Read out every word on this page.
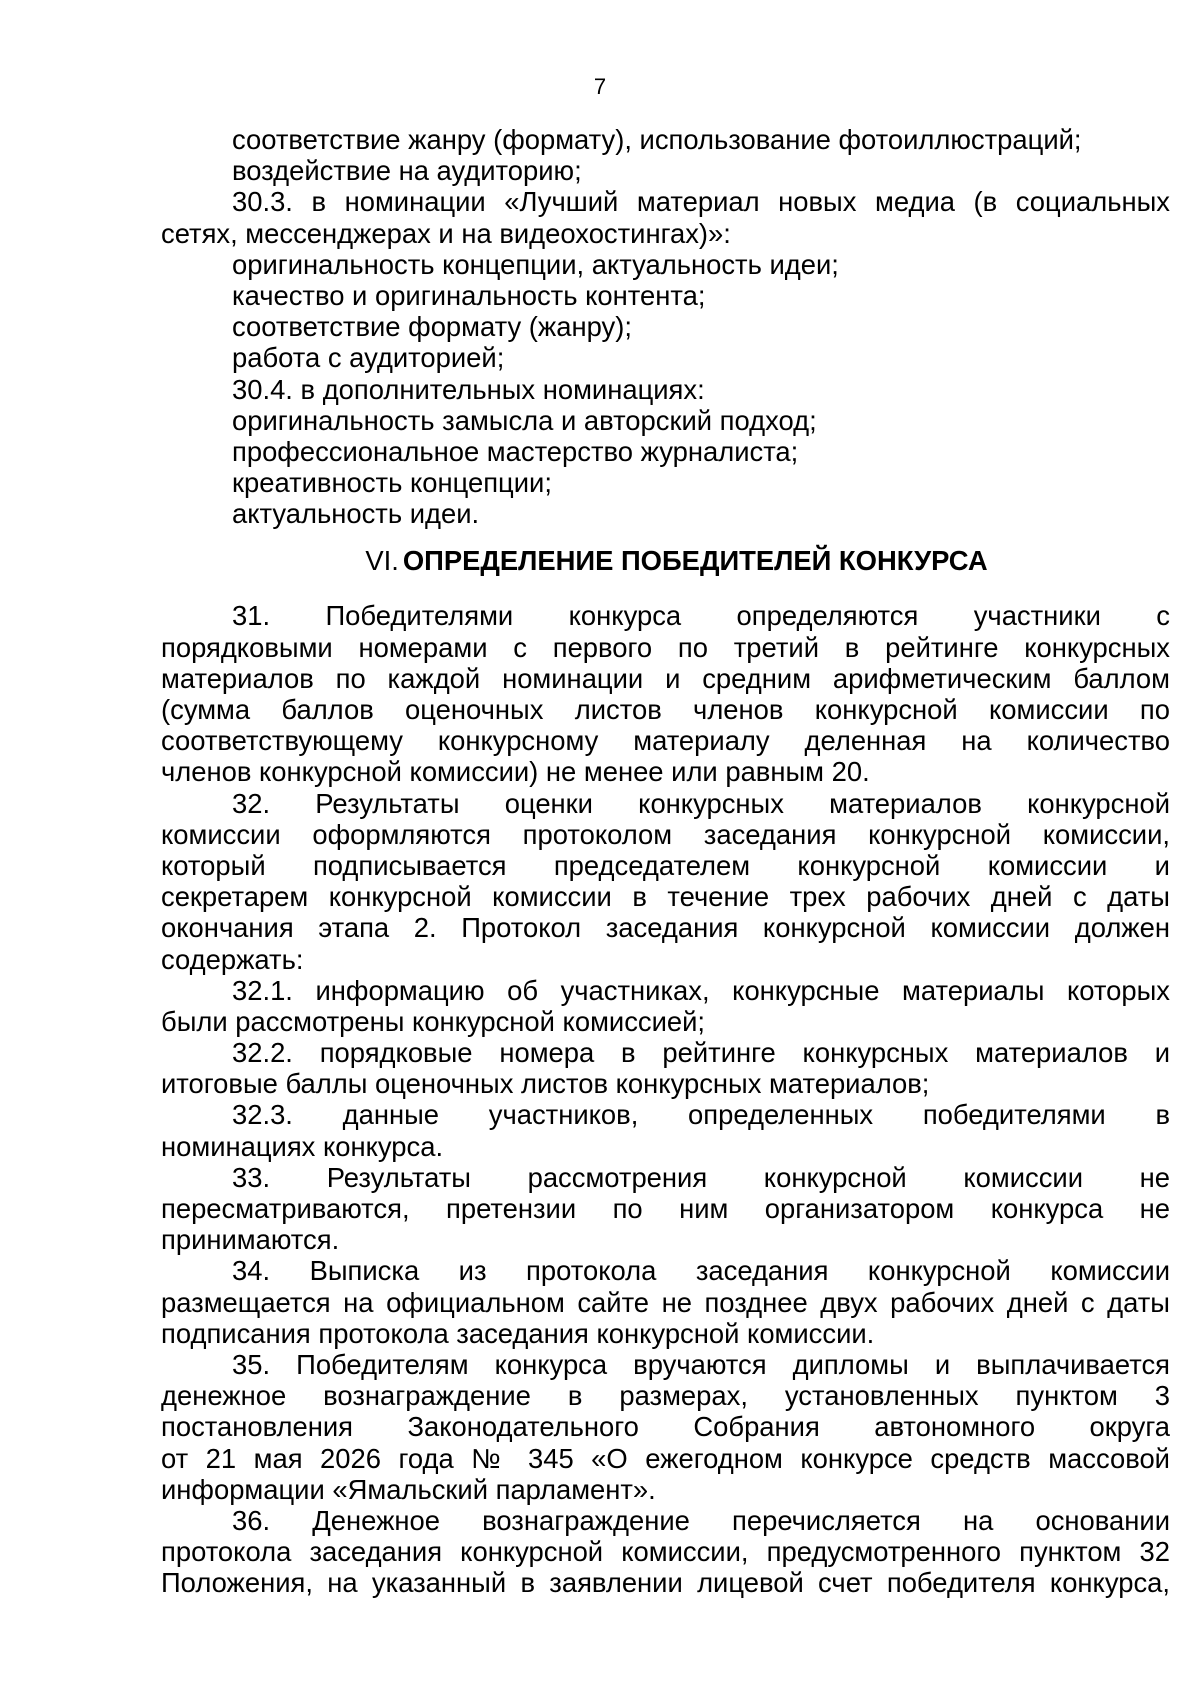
7
соответствие жанру (формату), использование фотоиллюстраций;
воздействие на аудиторию;
30.3. в номинации «Лучший материал новых медиа (в социальных
сетях, мессенджерах и на видеохостингах)»:
оригинальность концепции, актуальность идеи;
качество и оригинальность контента;
соответствие формату (жанру);
работа с аудиторией;
30.4. в дополнительных номинациях:
оригинальность замысла и авторский подход;
профессиональное мастерство журналиста;
креативность концепции;
актуальность идеи.
VI. ОПРЕДЕЛЕНИЕ ПОБЕДИТЕЛЕЙ КОНКУРСА
31. Победителями конкурса определяются участники с
порядковыми номерами с первого по третий в рейтинге конкурсных
материалов по каждой номинации и средним арифметическим баллом
(сумма баллов оценочных листов членов конкурсной комиссии по
соответствующему конкурсному материалу деленная на количество
членов конкурсной комиссии) не менее или равным 20.
32. Результаты оценки конкурсных материалов конкурсной
комиссии оформляются протоколом заседания конкурсной комиссии,
который подписывается председателем конкурсной комиссии и
секретарем конкурсной комиссии в течение трех рабочих дней с даты
окончания этапа 2. Протокол заседания конкурсной комиссии должен
содержать:
32.1. информацию об участниках, конкурсные материалы которых
были рассмотрены конкурсной комиссией;
32.2. порядковые номера в рейтинге конкурсных материалов и
итоговые баллы оценочных листов конкурсных материалов;
32.3. данные участников, определенных победителями в
номинациях конкурса.
33. Результаты рассмотрения конкурсной комиссии не
пересматриваются, претензии по ним организатором конкурса не
принимаются.
34. Выписка из протокола заседания конкурсной комиссии
размещается на официальном сайте не позднее двух рабочих дней с даты
подписания протокола заседания конкурсной комиссии.
35. Победителям конкурса вручаются дипломы и выплачивается
денежное вознаграждение в размерах, установленных пунктом 3
постановления Законодательного Собрания автономного округа
от 21 мая 2026 года № 345 «О ежегодном конкурсе средств массовой
информации «Ямальский парламент».
36. Денежное вознаграждение перечисляется на основании
протокола заседания конкурсной комиссии, предусмотренного пунктом 32
Положения, на указанный в заявлении лицевой счет победителя конкурса,
